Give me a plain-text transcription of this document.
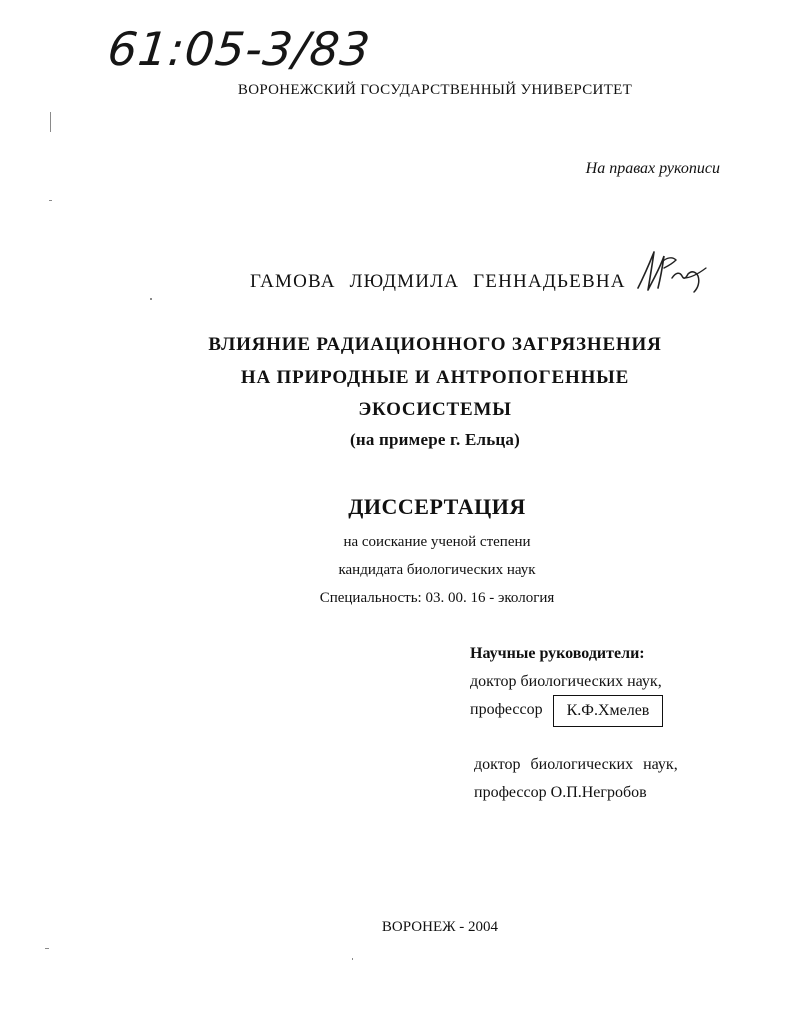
61:05-3/83
ВОРОНЕЖСКИЙ ГОСУДАРСТВЕННЫЙ УНИВЕРСИТЕТ
На правах рукописи
ГАМОВА ЛЮДМИЛА ГЕННАДЬЕВНА
ВЛИЯНИЕ РАДИАЦИОННОГО ЗАГРЯЗНЕНИЯ
НА ПРИРОДНЫЕ И АНТРОПОГЕННЫЕ
ЭКОСИСТЕМЫ
(на примере г. Ельца)
ДИССЕРТАЦИЯ
на соискание ученой степени
кандидата биологических наук
Специальность: 03. 00. 16 - экология
Научные руководители:
доктор биологических наук,
профессор	К.Ф.Хмелев
доктор биологических наук,
профессор О.П.Негробов
ВОРОНЕЖ - 2004
